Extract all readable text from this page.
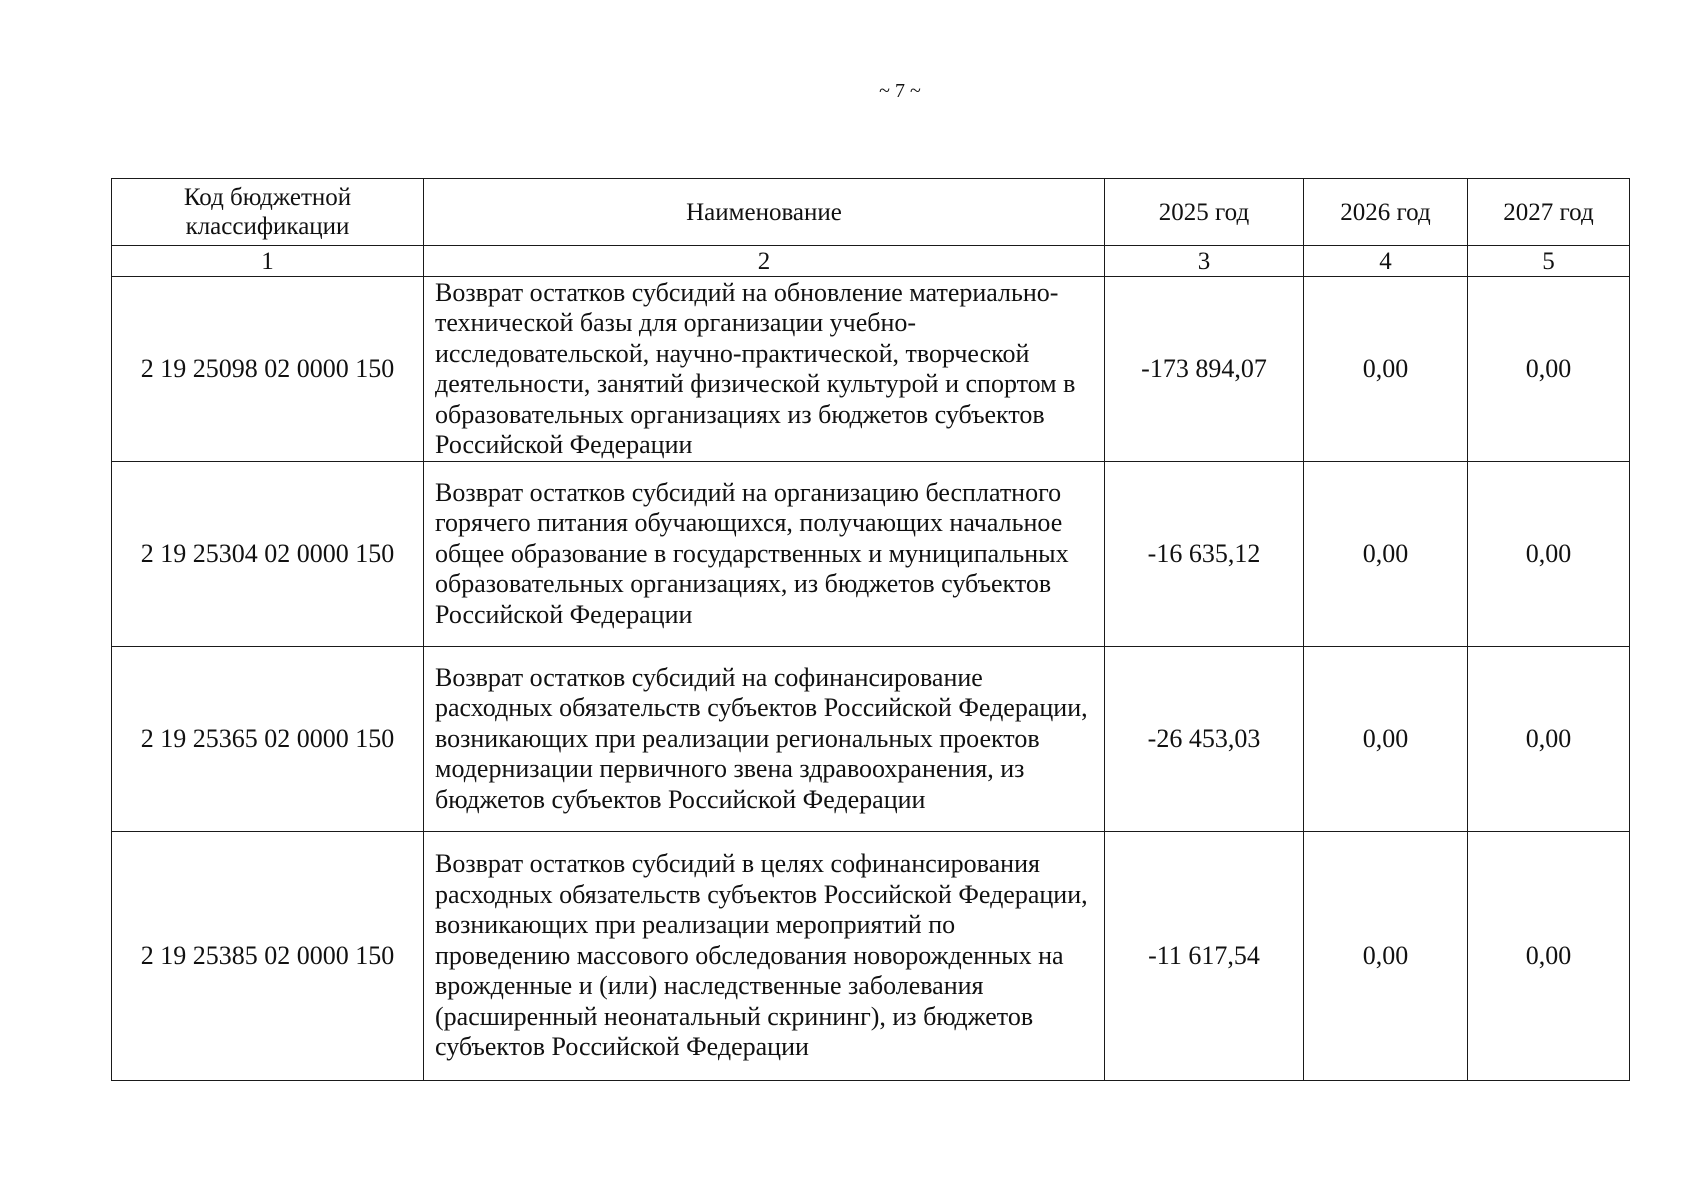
~ 7 ~
Код бюджетной классификации	Наименование	2025 год	2026 год	2027 год
1	2	3	4	5
2 19 25098 02 0000 150	Возврат остатков субсидий на обновление материально-технической базы для организации учебно-исследовательской, научно-практической, творческой деятельности, занятий физической культурой и спортом в образовательных организациях из бюджетов субъектов Российской Федерации	-173 894,07	0,00	0,00
2 19 25304 02 0000 150	Возврат остатков субсидий на организацию бесплатного горячего питания обучающихся, получающих начальное общее образование в государственных и муниципальных образовательных организациях, из бюджетов субъектов Российской Федерации	-16 635,12	0,00	0,00
2 19 25365 02 0000 150	Возврат остатков субсидий на софинансирование расходных обязательств субъектов Российской Федерации, возникающих при реализации региональных проектов модернизации первичного звена здравоохранения, из бюджетов субъектов Российской Федерации	-26 453,03	0,00	0,00
2 19 25385 02 0000 150	Возврат остатков субсидий в целях софинансирования расходных обязательств субъектов Российской Федерации, возникающих при реализации мероприятий по проведению массового обследования новорожденных на врожденные и (или) наследственные заболевания (расширенный неонатальный скрининг), из бюджетов субъектов Российской Федерации	-11 617,54	0,00	0,00
